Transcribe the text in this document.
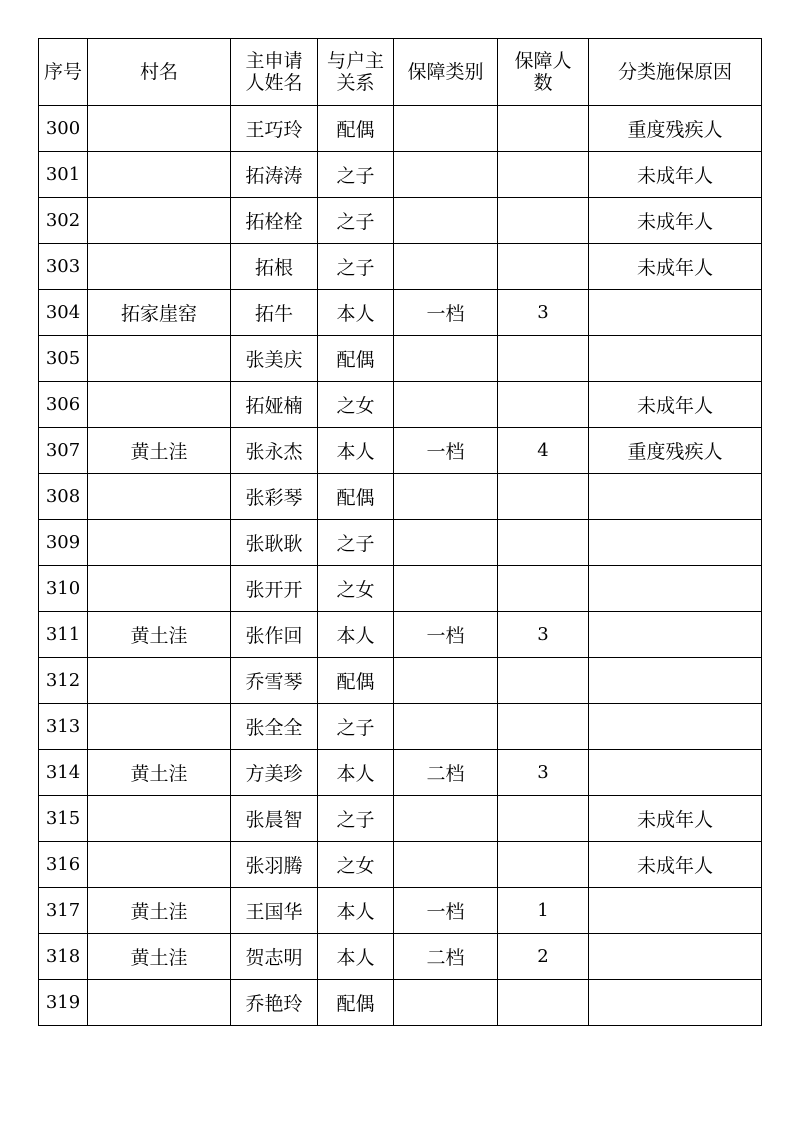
序号	村名	主申请人姓名	与户主关系	保障类别	保障人数	分类施保原因
300		王巧玲	配偶			重度残疾人
301		拓涛涛	之子			未成年人
302		拓栓栓	之子			未成年人
303		拓根	之子			未成年人
304	拓家崖窑	拓牛	本人	一档	3	
305		张美庆	配偶			
306		拓娅楠	之女			未成年人
307	黄土洼	张永杰	本人	一档	4	重度残疾人
308		张彩琴	配偶			
309		张耿耿	之子			
310		张开开	之女			
311	黄土洼	张作回	本人	一档	3	
312		乔雪琴	配偶			
313		张全全	之子			
314	黄土洼	方美珍	本人	二档	3	
315		张晨智	之子			未成年人
316		张羽腾	之女			未成年人
317	黄土洼	王国华	本人	一档	1	
318	黄土洼	贺志明	本人	二档	2	
319		乔艳玲	配偶			
